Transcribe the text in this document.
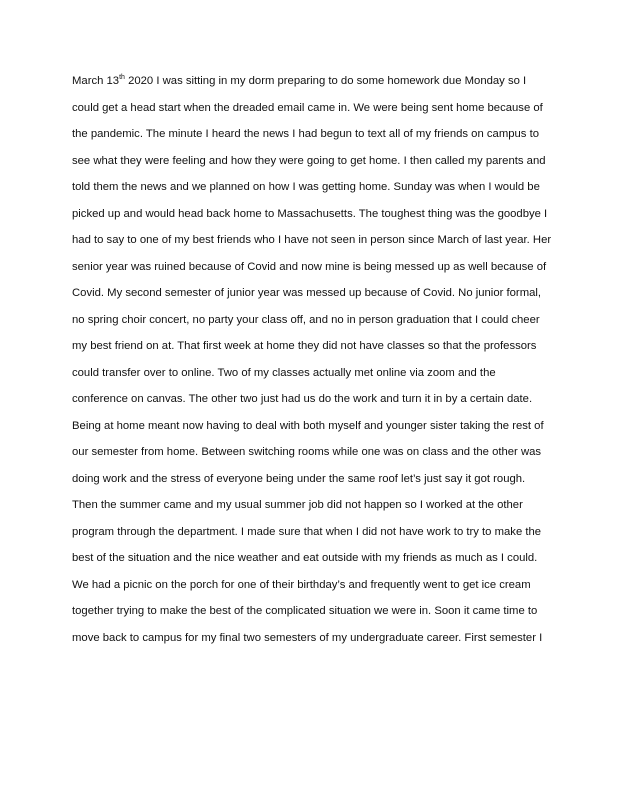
March 13th 2020 I was sitting in my dorm preparing to do some homework due Monday so I
could get a head start when the dreaded email came in. We were being sent home because of
the pandemic. The minute I heard the news I had begun to text all of my friends on campus to
see what they were feeling and how they were going to get home. I then called my parents and
told them the news and we planned on how I was getting home. Sunday was when I would be
picked up and would head back home to Massachusetts. The toughest thing was the goodbye I
had to say to one of my best friends who I have not seen in person since March of last year. Her
senior year was ruined because of Covid and now mine is being messed up as well because of
Covid. My second semester of junior year was messed up because of Covid. No junior formal,
no spring choir concert, no party your class off, and no in person graduation that I could cheer
my best friend on at. That first week at home they did not have classes so that the professors
could transfer over to online. Two of my classes actually met online via zoom and the
conference on canvas. The other two just had us do the work and turn it in by a certain date.
Being at home meant now having to deal with both myself and younger sister taking the rest of
our semester from home. Between switching rooms while one was on class and the other was
doing work and the stress of everyone being under the same roof let’s just say it got rough.
Then the summer came and my usual summer job did not happen so I worked at the other
program through the department. I made sure that when I did not have work to try to make the
best of the situation and the nice weather and eat outside with my friends as much as I could.
We had a picnic on the porch for one of their birthday’s and frequently went to get ice cream
together trying to make the best of the complicated situation we were in. Soon it came time to
move back to campus for my final two semesters of my undergraduate career. First semester I
